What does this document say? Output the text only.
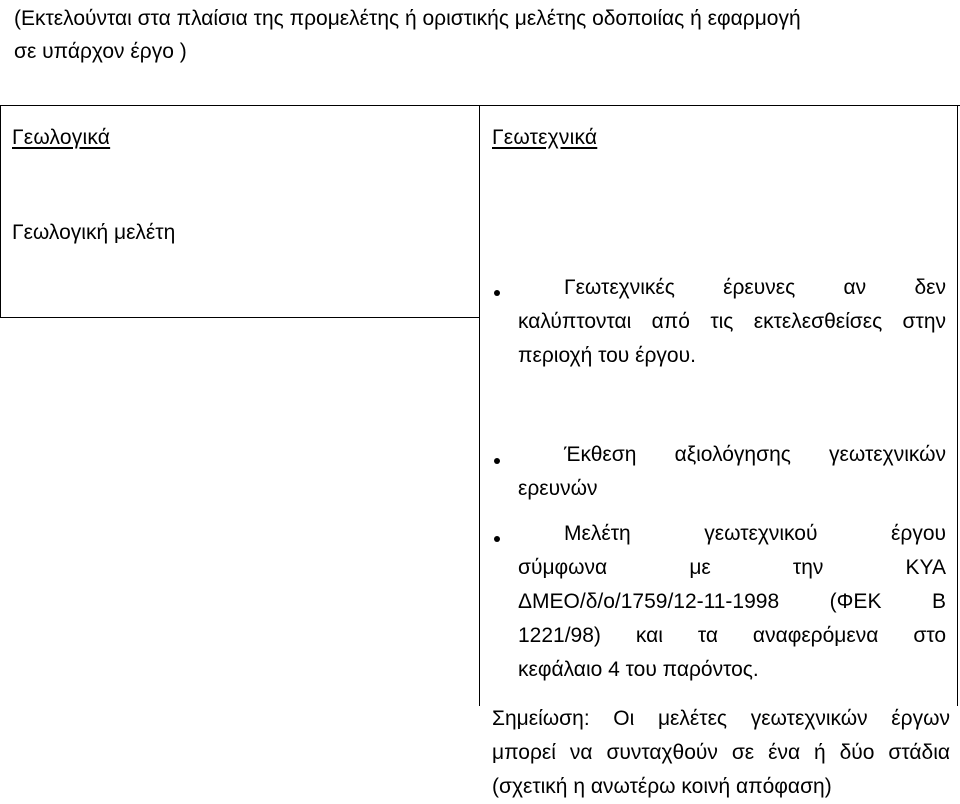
(Εκτελούνται στα πλαίσια της προμελέτης ή οριστικής μελέτης οδοποιίας ή εφαρμογή
σε υπάρχον έργο )
Γεωλογικά
Γεωλογική μελέτη
Γεωτεχνικά
Γεωτεχνικές έρευνες αν δεν
καλύπτονται από τις εκτελεσθείσες στην
περιοχή του έργου.
Έκθεση αξιολόγησης γεωτεχνικών
ερευνών
Μελέτη γεωτεχνικού έργου
σύμφωνα με την ΚΥΑ
ΔΜΕΟ/δ/ο/1759/12-11-1998 (ΦΕΚ Β
1221/98) και τα αναφερόμενα στο
κεφάλαιο 4 του παρόντος.
Σημείωση: Οι μελέτες γεωτεχνικών έργων
μπορεί να συνταχθούν σε ένα ή δύο στάδια
(σχετική η ανωτέρω κοινή απόφαση)
